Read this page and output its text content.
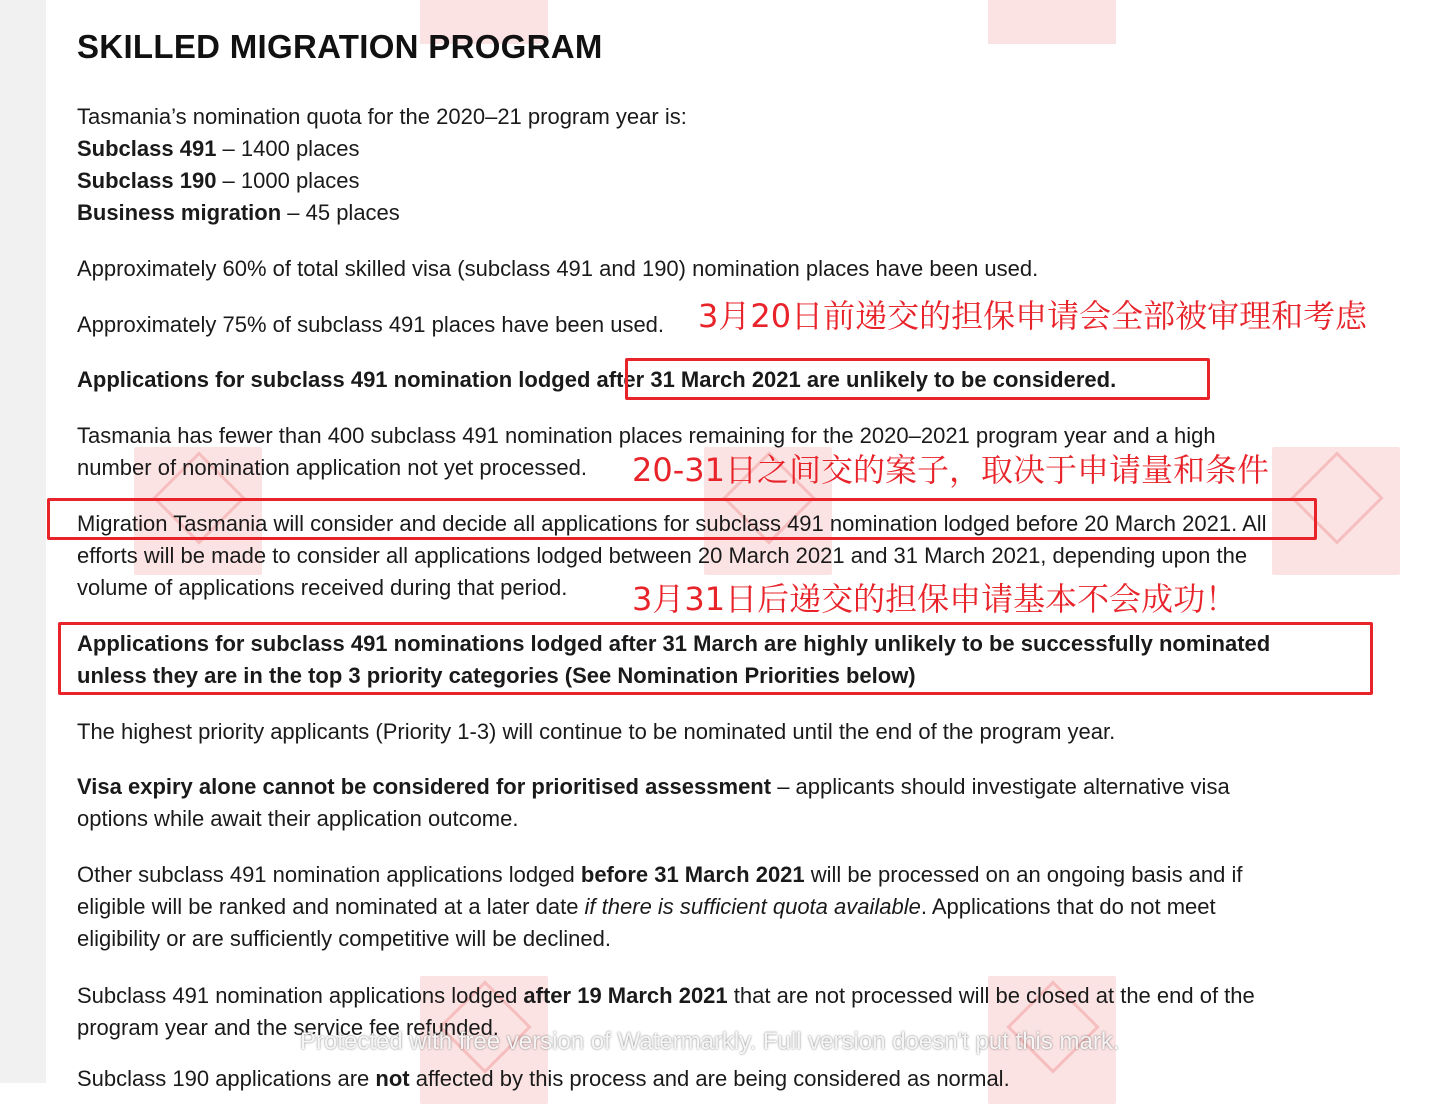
SKILLED MIGRATION PROGRAM

Tasmania’s nomination quota for the 2020–21 program year is:

Subclass 491 – 1400 places

Subclass 190 – 1000 places

Business migration – 45 places

Approximately 60% of total skilled visa (subclass 491 and 190) nomination places have been used.

Approximately 75% of subclass 491 places have been used.

Applications for subclass 491 nomination lodged after 31 March 2021 are unlikely to be considered.

Tasmania has fewer than 400 subclass 491 nomination places remaining for the 2020–2021 program year and a high

number of nomination application not yet processed.

Migration Tasmania will consider and decide all applications for subclass 491 nomination lodged before 20 March 2021. All

efforts will be made to consider all applications lodged between 20 March 2021 and 31 March 2021, depending upon the

volume of applications received during that period.

Applications for subclass 491 nominations lodged after 31 March are highly unlikely to be successfully nominated

unless they are in the top 3 priority categories (See Nomination Priorities below)

The highest priority applicants (Priority 1-3) will continue to be nominated until the end of the program year.

Visa expiry alone cannot be considered for prioritised assessment – applicants should investigate alternative visa

options while await their application outcome.

Other subclass 491 nomination applications lodged before 31 March 2021 will be processed on an ongoing basis and if

eligible will be ranked and nominated at a later date if there is sufficient quota available. Applications that do not meet

eligibility or are sufficiently competitive will be declined.

Subclass 491 nomination applications lodged after 19 March 2021 that are not processed will be closed at the end of the

program year and the service fee refunded.

Subclass 190 applications are not affected by this process and are being considered as normal.

3月20日前递交的担保申请会全部被审理和考虑
20-31日之间交的案子，取决于申请量和条件
3月31日后递交的担保申请基本不会成功！
Protected with free version of Watermarkly. Full version doesn't put this mark.
